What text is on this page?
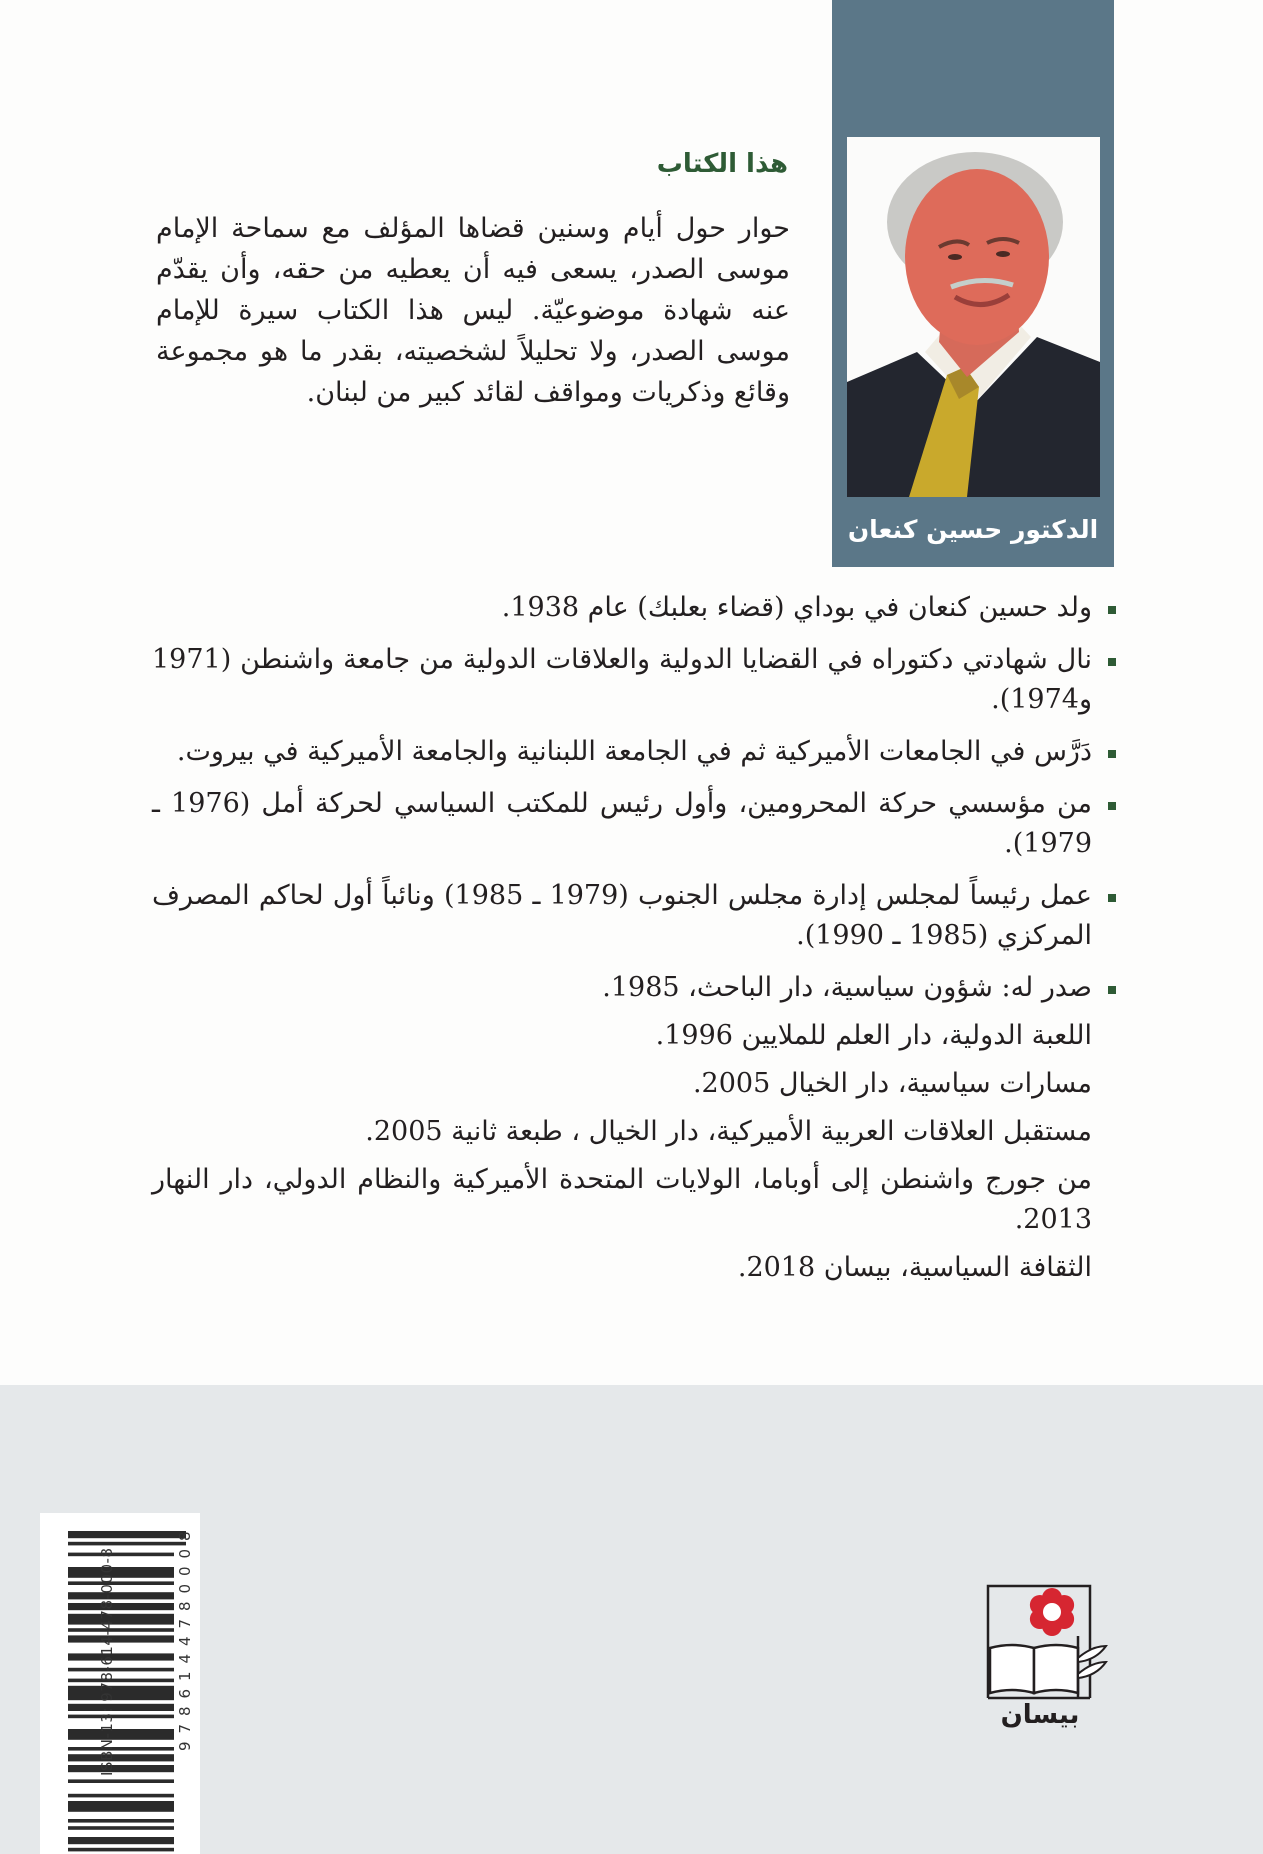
الدكتور حسين كنعان
هذا الكتاب
حوار حول أيام وسنين قضاها المؤلف مع سماحة الإمام موسى الصدر، يسعى فيه أن يعطيه من حقه، وأن يقدّم عنه شهادة موضوعيّة. ليس هذا الكتاب سيرة للإمام موسى الصدر، ولا تحليلاً لشخصيته، بقدر ما هو مجموعة وقائع وذكريات ومواقف لقائد كبير من لبنان.
ولد حسين كنعان في بوداي (قضاء بعلبك) عام 1938.
نال شهادتي دكتوراه في القضايا الدولية والعلاقات الدولية من جامعة واشنطن (1971 و1974).
دَرَّس في الجامعات الأميركية ثم في الجامعة اللبنانية والجامعة الأميركية في بيروت.
من مؤسسي حركة المحرومين، وأول رئيس للمكتب السياسي لحركة أمل (1976 ـ 1979).
عمل رئيساً لمجلس إدارة مجلس الجنوب (1979 ـ 1985) ونائباً أول لحاكم المصرف المركزي (1985 ـ 1990).
صدر له: شؤون سياسية، دار الباحث، 1985.
اللعبة الدولية، دار العلم للملايين 1996.
مسارات سياسية، دار الخيال 2005.
مستقبل العلاقات العربية الأميركية، دار الخيال ، طبعة ثانية 2005.
من جورج واشنطن إلى أوباما، الولايات المتحدة الأميركية والنظام الدولي، دار النهار 2013.
الثقافة السياسية، بيسان 2018.
9
7
8
6
1
4
4
7
8
0
0
0
8
ISBN-13: 978-614-478-000-8	بيسان
